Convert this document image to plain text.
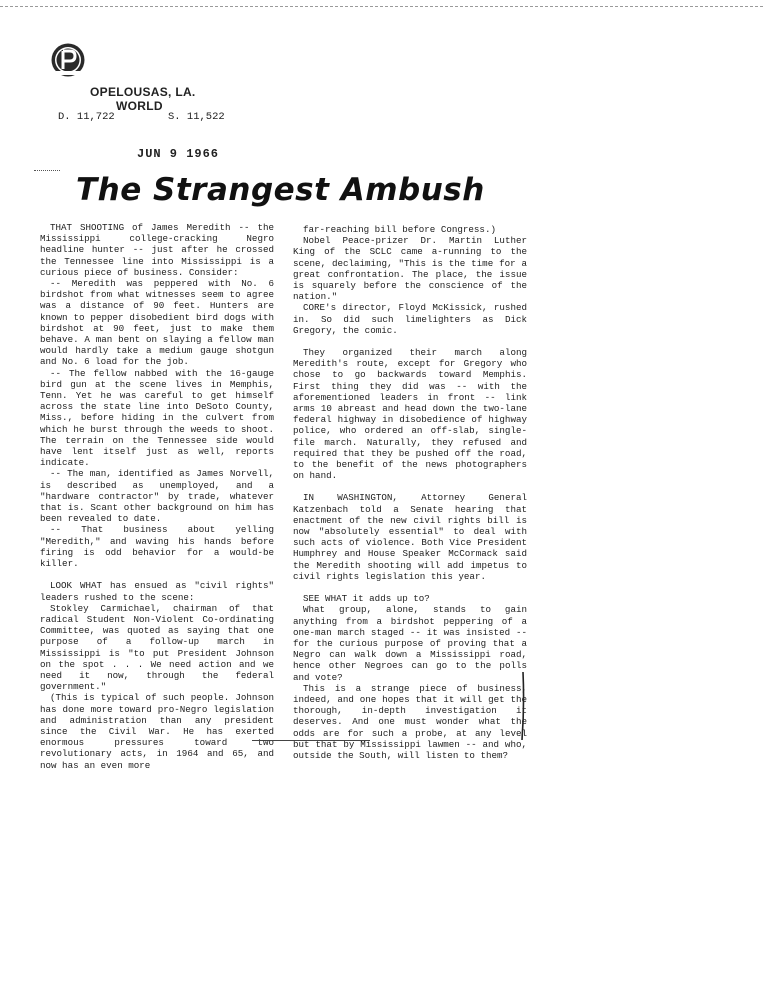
OPELOUSAS, LA.
WORLD
D. 11,722	S. 11,522
JUN 9 1966
The Strangest Ambush

THAT SHOOTING of James Meredith -- the Mississippi college-cracking Negro headline hunter -- just after he crossed the Tennessee line into Mississippi is a curious piece of business. Consider:

-- Meredith was peppered with No. 6 birdshot from what witnesses seem to agree was a distance of 90 feet. Hunters are known to pepper disobedient bird dogs with birdshot at 90 feet, just to make them behave. A man bent on slaying a fellow man would hardly take a medium gauge shotgun and No. 6 load for the job.

-- The fellow nabbed with the 16-gauge bird gun at the scene lives in Memphis, Tenn. Yet he was careful to get himself across the state line into DeSoto County, Miss., before hiding in the culvert from which he burst through the weeds to shoot. The terrain on the Tennessee side would have lent itself just as well, reports indicate.

-- The man, identified as James Norvell, is described as unemployed, and a "hardware contractor" by trade, whatever that is. Scant other background on him has been revealed to date.

-- That business about yelling "Meredith," and waving his hands before firing is odd behavior for a would-be killer.

LOOK WHAT has ensued as "civil rights" leaders rushed to the scene:

Stokley Carmichael, chairman of that radical Student Non-Violent Co-ordinating Committee, was quoted as saying that one purpose of a follow-up march in Mississippi is "to put President Johnson on the spot . . . We need action and we need it now, through the federal government."

(This is typical of such people. Johnson has done more toward pro-Negro legislation and administration than any president since the Civil War. He has exerted enormous pressures toward two revolutionary acts, in 1964 and 65, and now has an even more

far-reaching bill before Congress.)

Nobel Peace-prizer Dr. Martin Luther King of the SCLC came a-running to the scene, declaiming, "This is the time for a great confrontation. The place, the issue is squarely before the conscience of the nation."

CORE's director, Floyd McKissick, rushed in. So did such limelighters as Dick Gregory, the comic.

They organized their march along Meredith's route, except for Gregory who chose to go backwards toward Memphis. First thing they did was -- with the aforementioned leaders in front -- link arms 10 abreast and head down the two-lane federal highway in disobedience of highway police, who ordered an off-slab, single-file march. Naturally, they refused and required that they be pushed off the road, to the benefit of the news photographers on hand.

IN WASHINGTON, Attorney General Katzenbach told a Senate hearing that enactment of the new civil rights bill is now "absolutely essential" to deal with such acts of violence. Both Vice President Humphrey and House Speaker McCormack said the Meredith shooting will add impetus to civil rights legislation this year.

SEE WHAT it adds up to?

What group, alone, stands to gain anything from a birdshot peppering of a one-man march staged -- it was insisted -- for the curious purpose of proving that a Negro can walk down a Mississippi road, hence other Negroes can go to the polls and vote?

This is a strange piece of business, indeed, and one hopes that it will get the thorough, in-depth investigation it deserves. And one must wonder what the odds are for such a probe, at any level but that by Mississippi lawmen -- and who, outside the South, will listen to them?
